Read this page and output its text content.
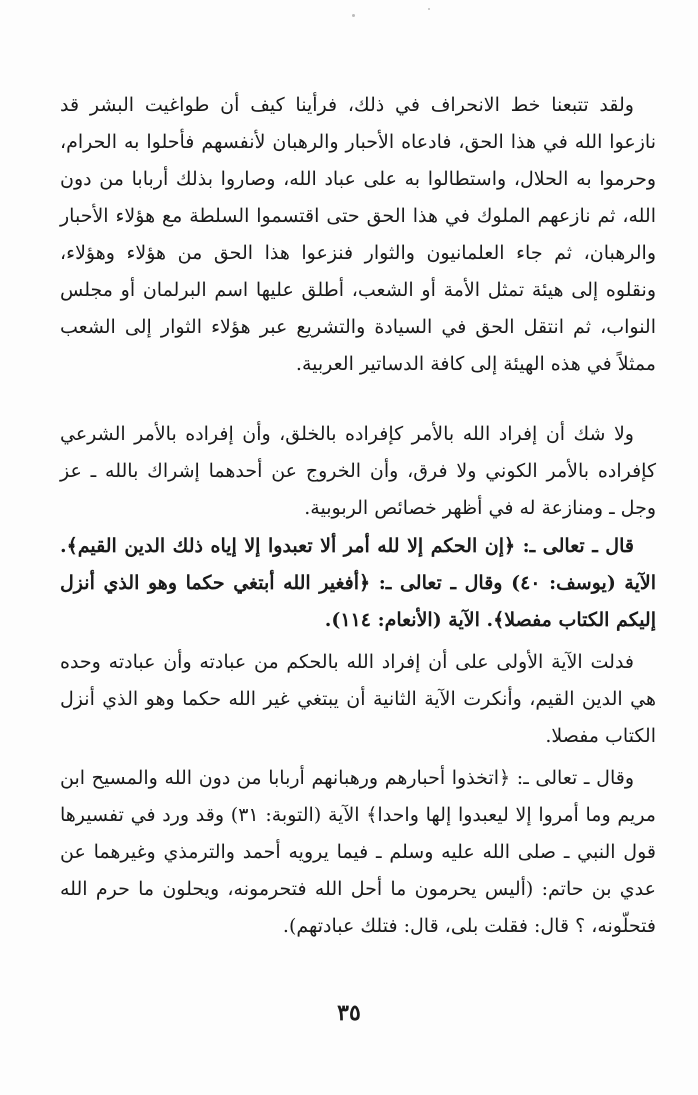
ولقد تتبعنا خط الانحراف في ذلك، فرأينا كيف أن طواغيت البشر قد نازعوا الله في هذا الحق، فادعاه الأحبار والرهبان لأنفسهم فأحلوا به الحرام، وحرموا به الحلال، واستطالوا به على عباد الله، وصاروا بذلك أربابا من دون الله، ثم نازعهم الملوك في هذا الحق حتى اقتسموا السلطة مع هؤلاء الأحبار والرهبان، ثم جاء العلمانيون والثوار فنزعوا هذا الحق من هؤلاء وهؤلاء، ونقلوه إلى هيئة تمثل الأمة أو الشعب، أطلق عليها اسم البرلمان أو مجلس النواب، ثم انتقل الحق في السيادة والتشريع عبر هؤلاء الثوار إلى الشعب ممثلاً في هذه الهيئة إلى كافة الدساتير العربية.

ولا شك أن إفراد الله بالأمر كإفراده بالخلق، وأن إفراده بالأمر الشرعي كإفراده بالأمر الكوني ولا فرق، وأن الخروج عن أحدهما إشراك بالله ـ عز وجل ـ ومنازعة له في أظهر خصائص الربوبية.

قال ـ تعالى ـ: ﴿إن الحكم إلا لله أمر ألا تعبدوا إلا إياه ذلك الدين القيم﴾. الآية (يوسف: ٤٠) وقال ـ تعالى ـ: ﴿أفغير الله أبتغي حكما وهو الذي أنزل إليكم الكتاب مفصلا﴾. الآية (الأنعام: ١١٤).

فدلت الآية الأولى على أن إفراد الله بالحكم من عبادته وأن عبادته وحده هي الدين القيم، وأنكرت الآية الثانية أن يبتغي غير الله حكما وهو الذي أنزل الكتاب مفصلا.

وقال ـ تعالى ـ: ﴿اتخذوا أحبارهم ورهبانهم أربابا من دون الله والمسيح ابن مريم وما أمروا إلا ليعبدوا إلها واحدا﴾ الآية (التوبة: ٣١) وقد ورد في تفسيرها قول النبي ـ صلى الله عليه وسلم ـ فيما يرويه أحمد والترمذي وغيرهما عن عدي بن حاتم: (أليس يحرمون ما أحل الله فتحرمونه، ويحلون ما حرم الله فتحلّونه، ؟ قال: فقلت بلى، قال: فتلك عبادتهم).

٣٥
